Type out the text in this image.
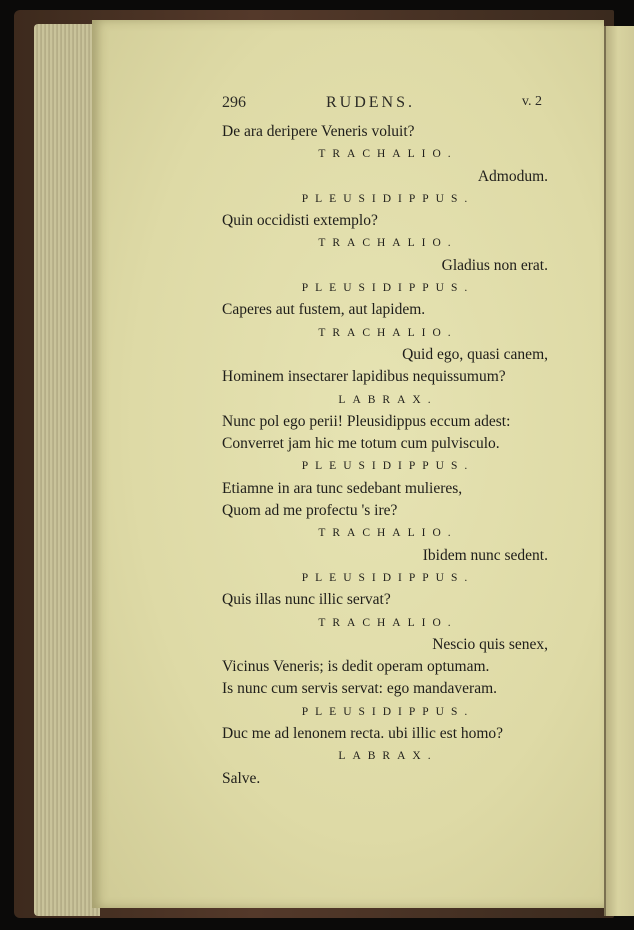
296	RUDENS.	v. 2
De ara deripere Veneris voluit?
TRACHALIO.
Admodum.
PLEUSIDIPPUS.
Quin occidisti extemplo?
TRACHALIO.
Gladius non erat.
PLEUSIDIPPUS.
Caperes aut fustem, aut lapidem.
TRACHALIO.
Quid ego, quasi canem,
Hominem insectarer lapidibus nequissumum?
LABRAX.
Nunc pol ego perii! Pleusidippus eccum adest:
Converret jam hic me totum cum pulvisculo.
PLEUSIDIPPUS.
Etiamne in ara tunc sedebant mulieres,
Quom ad me profectu 's ire?
TRACHALIO.
Ibidem nunc sedent.
PLEUSIDIPPUS.
Quis illas nunc illic servat?
TRACHALIO.
Nescio quis senex,
Vicinus Veneris; is dedit operam optumam.
Is nunc cum servis servat: ego mandaveram.
PLEUSIDIPPUS.
Duc me ad lenonem recta. ubi illic est homo?
LABRAX.
Salve.
